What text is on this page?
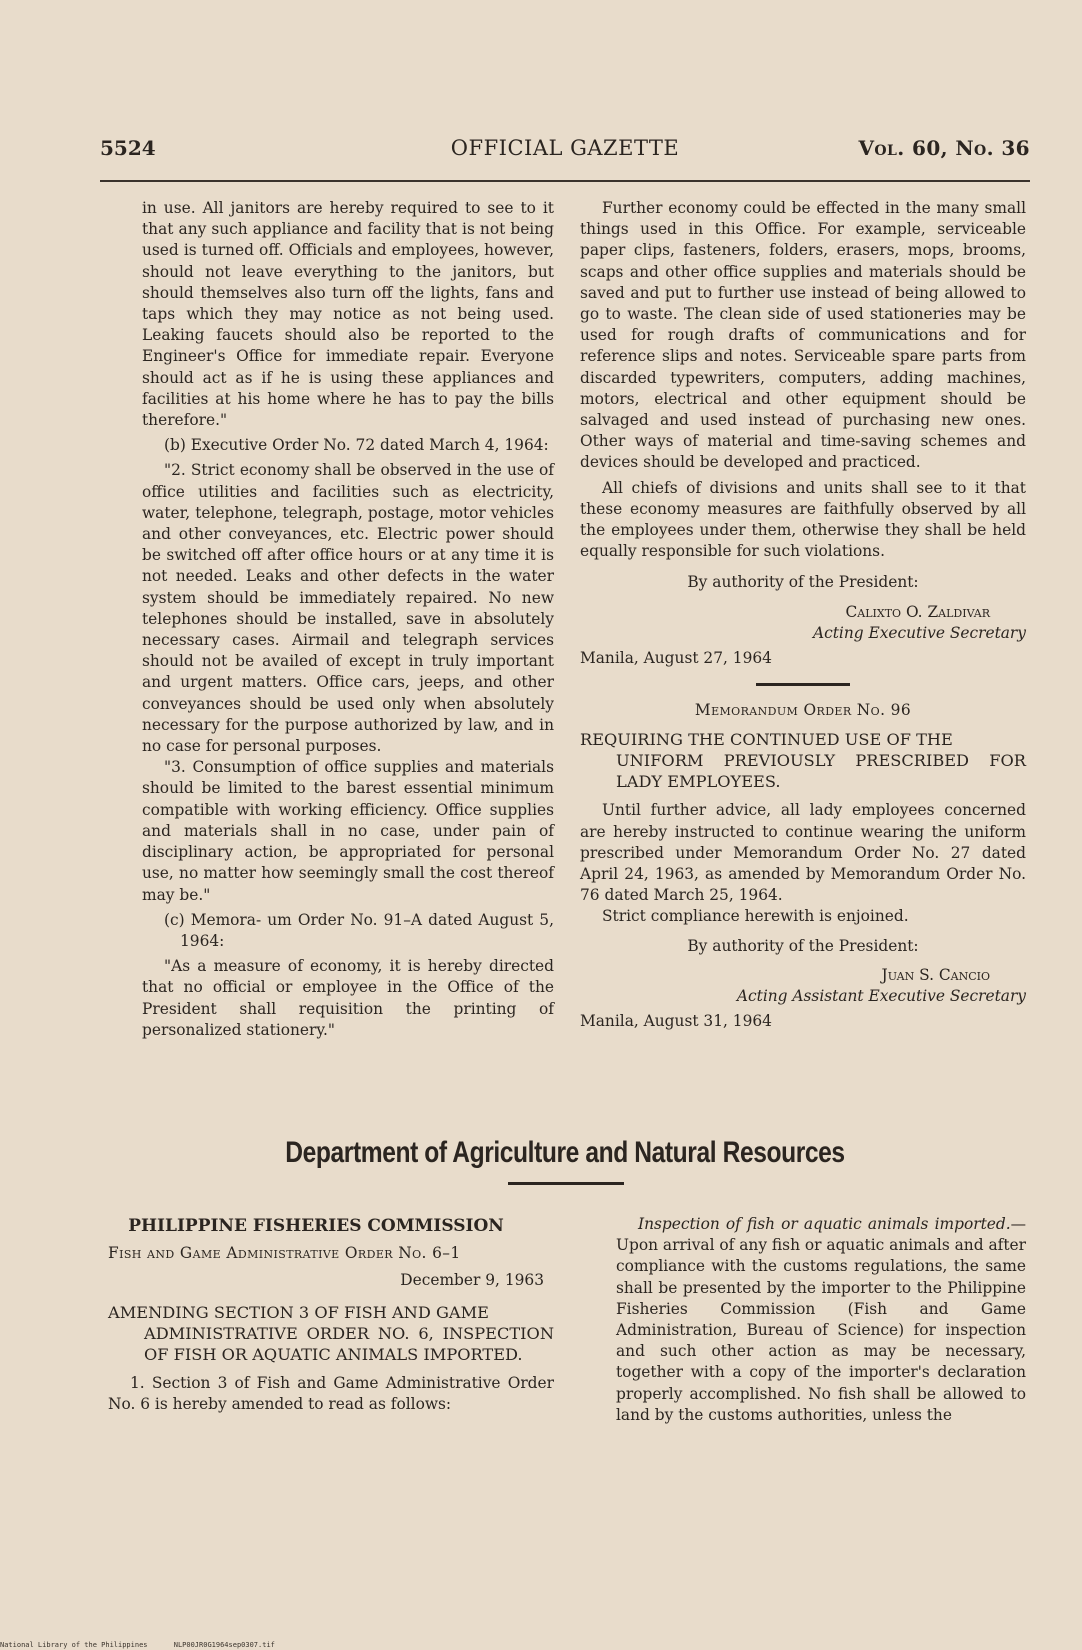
5524	OFFICIAL GAZETTE	Vol. 60, No. 36

in use. All janitors are hereby required to see to it that any such appliance and facility that is not being used is turned off. Officials and employees, however, should not leave everything to the janitors, but should themselves also turn off the lights, fans and taps which they may notice as not being used. Leaking faucets should also be reported to the Engineer's Office for immediate repair. Everyone should act as if he is using these appliances and facilities at his home where he has to pay the bills therefore."

(b) Executive Order No. 72 dated March 4, 1964:

"2. Strict economy shall be observed in the use of office utilities and facilities such as electricity, water, telephone, telegraph, postage, motor vehicles and other conveyances, etc. Electric power should be switched off after office hours or at any time it is not needed. Leaks and other defects in the water system should be immediately repaired. No new telephones should be installed, save in absolutely necessary cases. Airmail and telegraph services should not be availed of except in truly important and urgent matters. Office cars, jeeps, and other conveyances should be used only when absolutely necessary for the purpose authorized by law, and in no case for personal purposes.

"3. Consumption of office supplies and materials should be limited to the barest essential minimum compatible with working efficiency. Office supplies and materials shall in no case, under pain of disciplinary action, be appropriated for personal use, no matter how seemingly small the cost thereof may be."

(c) Memora‐ um Order No. 91–A dated August 5, 1964:

"As a measure of economy, it is hereby directed that no official or employee in the Office of the President shall requisition the printing of personalized stationery."

Further economy could be effected in the many small things used in this Office. For example, serviceable paper clips, fasteners, folders, erasers, mops, brooms, scaps and other office supplies and materials should be saved and put to further use instead of being allowed to go to waste. The clean side of used stationeries may be used for rough drafts of communications and for reference slips and notes. Serviceable spare parts from discarded typewriters, computers, adding machines, motors, electrical and other equipment should be salvaged and used instead of purchasing new ones. Other ways of material and time-saving schemes and devices should be developed and practiced.

All chiefs of divisions and units shall see to it that these economy measures are faithfully observed by all the employees under them, otherwise they shall be held equally responsible for such violations.

By authority of the President:

Calixto O. Zaldivar

Acting Executive Secretary

Manila, August 27, 1964

Memorandum Order No. 96

REQUIRING THE CONTINUED USE OF THE
UNIFORM PREVIOUSLY PRESCRIBED FOR LADY EMPLOYEES.

Until further advice, all lady employees concerned are hereby instructed to continue wearing the uniform prescribed under Memorandum Order No. 27 dated April 24, 1963, as amended by Memorandum Order No. 76 dated March 25, 1964.

Strict compliance herewith is enjoined.

By authority of the President:

Juan S. Cancio

Acting Assistant Executive Secretary

Manila, August 31, 1964

Department of Agriculture and Natural Resources

PHILIPPINE FISHERIES COMMISSION

Fish and Game Administrative Order No. 6–1

December 9, 1963

AMENDING SECTION 3 OF FISH AND GAME
ADMINISTRATIVE ORDER NO. 6, INSPECTION OF FISH OR AQUATIC ANIMALS IMPORTED.

1. Section 3 of Fish and Game Administrative Order No. 6 is hereby amended to read as follows:

Inspection of fish or aquatic animals imported.—Upon arrival of any fish or aquatic animals and after compliance with the customs regulations, the same shall be presented by the importer to the Philippine Fisheries Commission (Fish and Game Administration, Bureau of Science) for inspection and such other action as may be necessary, together with a copy of the importer's declaration properly accomplished. No fish shall be allowed to land by the customs authorities, unless the

National Library of the Philippines	NLP00JR0G1964sep0307.tif
